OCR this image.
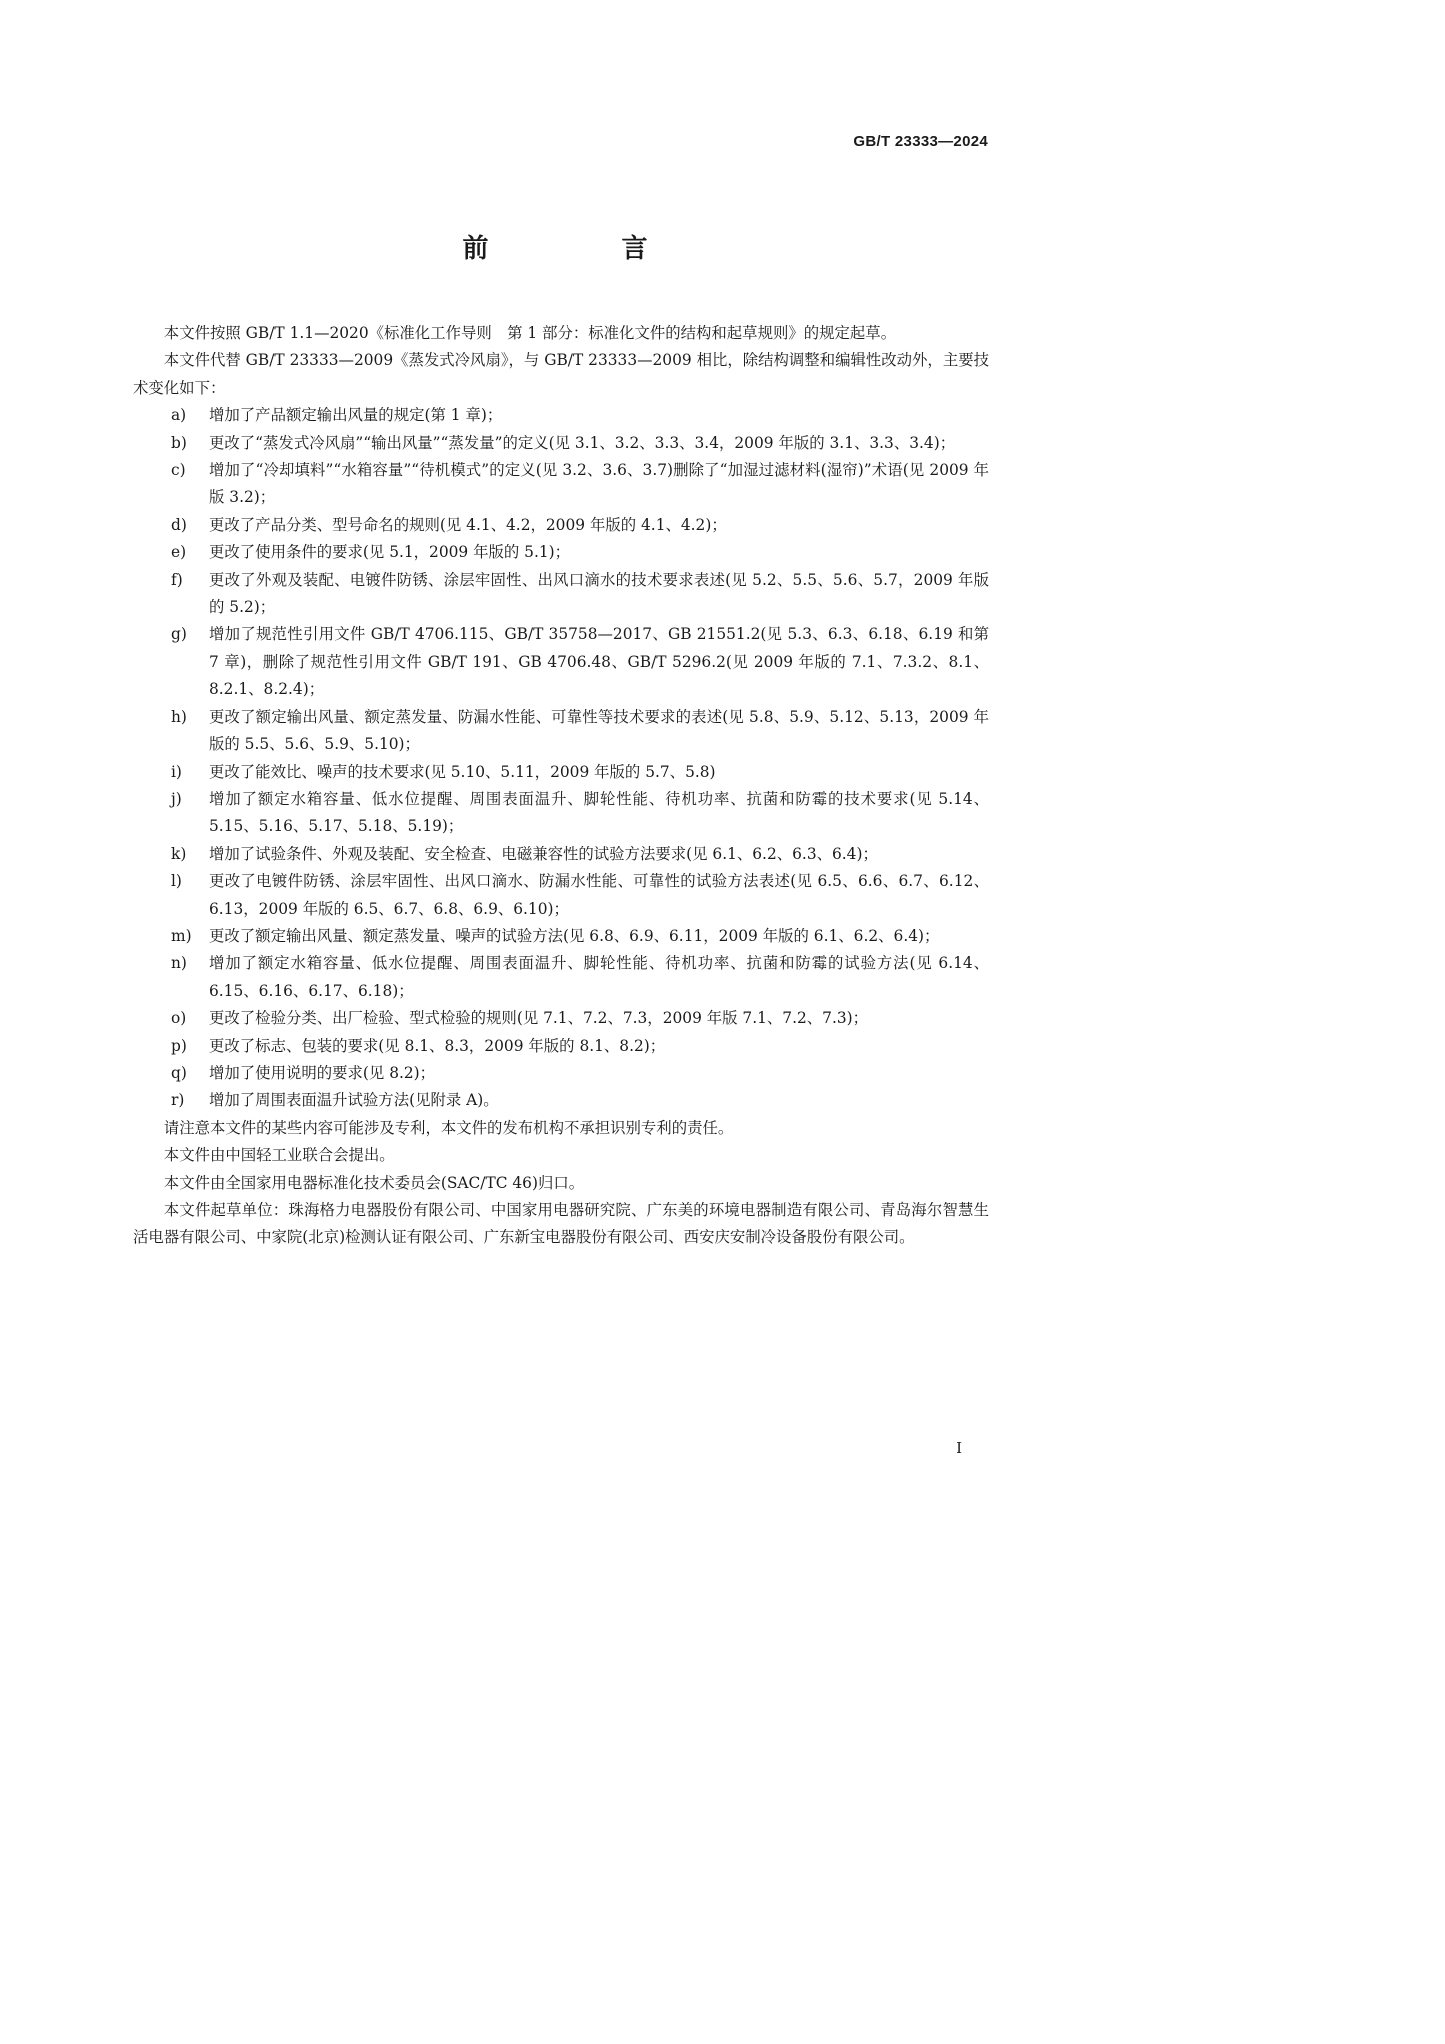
GB/T 23333—2024
前 言

本文件按照 GB/T 1.1—2020《标准化工作导则　第 1 部分：标准化文件的结构和起草规则》的规定起草。

本文件代替 GB/T 23333—2009《蒸发式冷风扇》，与 GB/T 23333—2009 相比，除结构调整和编辑性改动外，主要技术变化如下：

a) 增加了产品额定输出风量的规定(第 1 章)；

b) 更改了“蒸发式冷风扇”“输出风量”“蒸发量”的定义(见 3.1、3.2、3.3、3.4，2009 年版的 3.1、3.3、3.4)；

c) 增加了“冷却填料”“水箱容量”“待机模式”的定义(见 3.2、3.6、3.7)删除了“加湿过滤材料(湿帘)”术语(见 2009 年版 3.2)；

d) 更改了产品分类、型号命名的规则(见 4.1、4.2，2009 年版的 4.1、4.2)；

e) 更改了使用条件的要求(见 5.1，2009 年版的 5.1)；

f) 更改了外观及装配、电镀件防锈、涂层牢固性、出风口滴水的技术要求表述(见 5.2、5.5、5.6、5.7，2009 年版的 5.2)；

g) 增加了规范性引用文件 GB/T 4706.115、GB/T 35758—2017、GB 21551.2(见 5.3、6.3、6.18、6.19 和第 7 章)，删除了规范性引用文件 GB/T 191、GB 4706.48、GB/T 5296.2(见 2009 年版的 7.1、7.3.2、8.1、8.2.1、8.2.4)；

h) 更改了额定输出风量、额定蒸发量、防漏水性能、可靠性等技术要求的表述(见 5.8、5.9、5.12、5.13，2009 年版的 5.5、5.6、5.9、5.10)；

i) 更改了能效比、噪声的技术要求(见 5.10、5.11，2009 年版的 5.7、5.8)

j) 增加了额定水箱容量、低水位提醒、周围表面温升、脚轮性能、待机功率、抗菌和防霉的技术要求(见 5.14、5.15、5.16、5.17、5.18、5.19)；

k) 增加了试验条件、外观及装配、安全检查、电磁兼容性的试验方法要求(见 6.1、6.2、6.3、6.4)；

l) 更改了电镀件防锈、涂层牢固性、出风口滴水、防漏水性能、可靠性的试验方法表述(见 6.5、6.6、6.7、6.12、6.13，2009 年版的 6.5、6.7、6.8、6.9、6.10)；

m) 更改了额定输出风量、额定蒸发量、噪声的试验方法(见 6.8、6.9、6.11，2009 年版的 6.1、6.2、6.4)；

n) 增加了额定水箱容量、低水位提醒、周围表面温升、脚轮性能、待机功率、抗菌和防霉的试验方法(见 6.14、6.15、6.16、6.17、6.18)；

o) 更改了检验分类、出厂检验、型式检验的规则(见 7.1、7.2、7.3，2009 年版 7.1、7.2、7.3)；

p) 更改了标志、包装的要求(见 8.1、8.3，2009 年版的 8.1、8.2)；

q) 增加了使用说明的要求(见 8.2)；

r) 增加了周围表面温升试验方法(见附录 A)。

请注意本文件的某些内容可能涉及专利，本文件的发布机构不承担识别专利的责任。

本文件由中国轻工业联合会提出。

本文件由全国家用电器标准化技术委员会(SAC/TC 46)归口。

本文件起草单位：珠海格力电器股份有限公司、中国家用电器研究院、广东美的环境电器制造有限公司、青岛海尔智慧生活电器有限公司、中家院(北京)检测认证有限公司、广东新宝电器股份有限公司、西安庆安制冷设备股份有限公司。

Ⅰ
